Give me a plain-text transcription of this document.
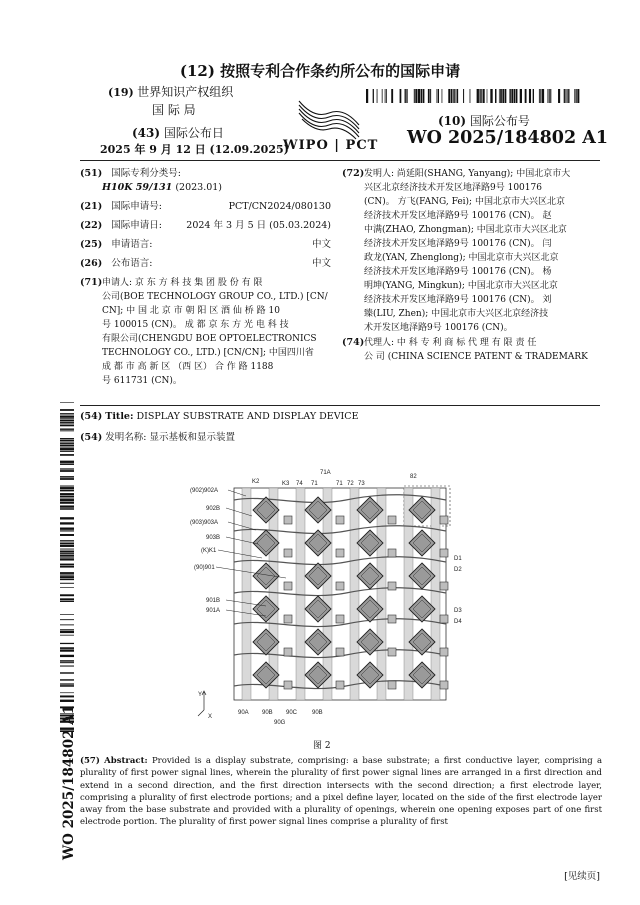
(12) 按照专利合作条约所公布的国际申请
(19) 世界知识产权组织
国 际 局
(43) 国际公布日
2025 年 9 月 12 日 (12.09.2025)
WIPO | PCT
(10) 国际公布号
WO 2025/184802 A1
(51) 国际专利分类号:
H10K 59/131 (2023.01)
(21) 国际申请号:	PCT/CN2024/080130
(22) 国际申请日:	2024 年 3 月 5 日 (05.03.2024)
(25) 申请语言:	中文
(26) 公布语言:	中文
(71) 申请人: 京 东 方 科 技 集 团 股 份 有 限
公司(BOE TECHNOLOGY GROUP CO., LTD.) [CN/
CN]; 中 国 北 京 市 朝 阳 区 酒 仙 桥 路 10
号 100015 (CN)。 成 都 京 东 方 光 电 科 技
有限公司(CHENGDU BOE OPTOELECTRONICS
TECHNOLOGY CO., LTD.) [CN/CN]; 中国四川省
成 都 市 高 新 区 （西 区） 合 作 路 1188
号 611731 (CN)。
(72) 发明人: 尚延阳(SHANG, Yanyang); 中国北京市大
兴区北京经济技术开发区地泽路9号 100176
(CN)。 方飞(FANG, Fei); 中国北京市大兴区北京
经济技术开发区地泽路9号 100176 (CN)。 赵
中满(ZHAO, Zhongman); 中国北京市大兴区北京
经济技术开发区地泽路9号 100176 (CN)。 闫
政龙(YAN, Zhenglong); 中国北京市大兴区北京
经济技术开发区地泽路9号 100176 (CN)。 杨
明坤(YANG, Mingkun); 中国北京市大兴区北京
经济技术开发区地泽路9号 100176 (CN)。 刘
臻(LIU, Zhen); 中国北京市大兴区北京经济技
术开发区地泽路9号 100176 (CN)。
(74) 代理人: 中 科 专 利 商 标 代 理 有 限 责 任
公 司 (CHINA SCIENCE PATENT & TRADEMARK
WO 2025/184802 A1
(54) Title: DISPLAY SUBSTRATE AND DISPLAY DEVICE
(54) 发明名称: 显示基板和显示装置
(902)902A
902B
(903)903A
903B
(K)K1
(90)901
901B
901A
K2	K3 74 71
71A
71 72 73
82
D1
D2
D3
D4
90A 90B 90C 90B
90G
Y
X
图 2
(57) Abstract: Provided is a display substrate, comprising: a base substrate; a first conductive layer, comprising a plurality of first power signal lines, wherein the plurality of first power signal lines are arranged in a first direction and extend in a second direction, and the first direction intersects with the second direction; a first electrode layer, comprising a plurality of first electrode portions; and a pixel define layer, located on the side of the first electrode layer away from the base substrate and provided with a plurality of openings, wherein one opening exposes part of one first electrode portion. The plurality of first power signal lines comprise a plurality of first
[见续页]
